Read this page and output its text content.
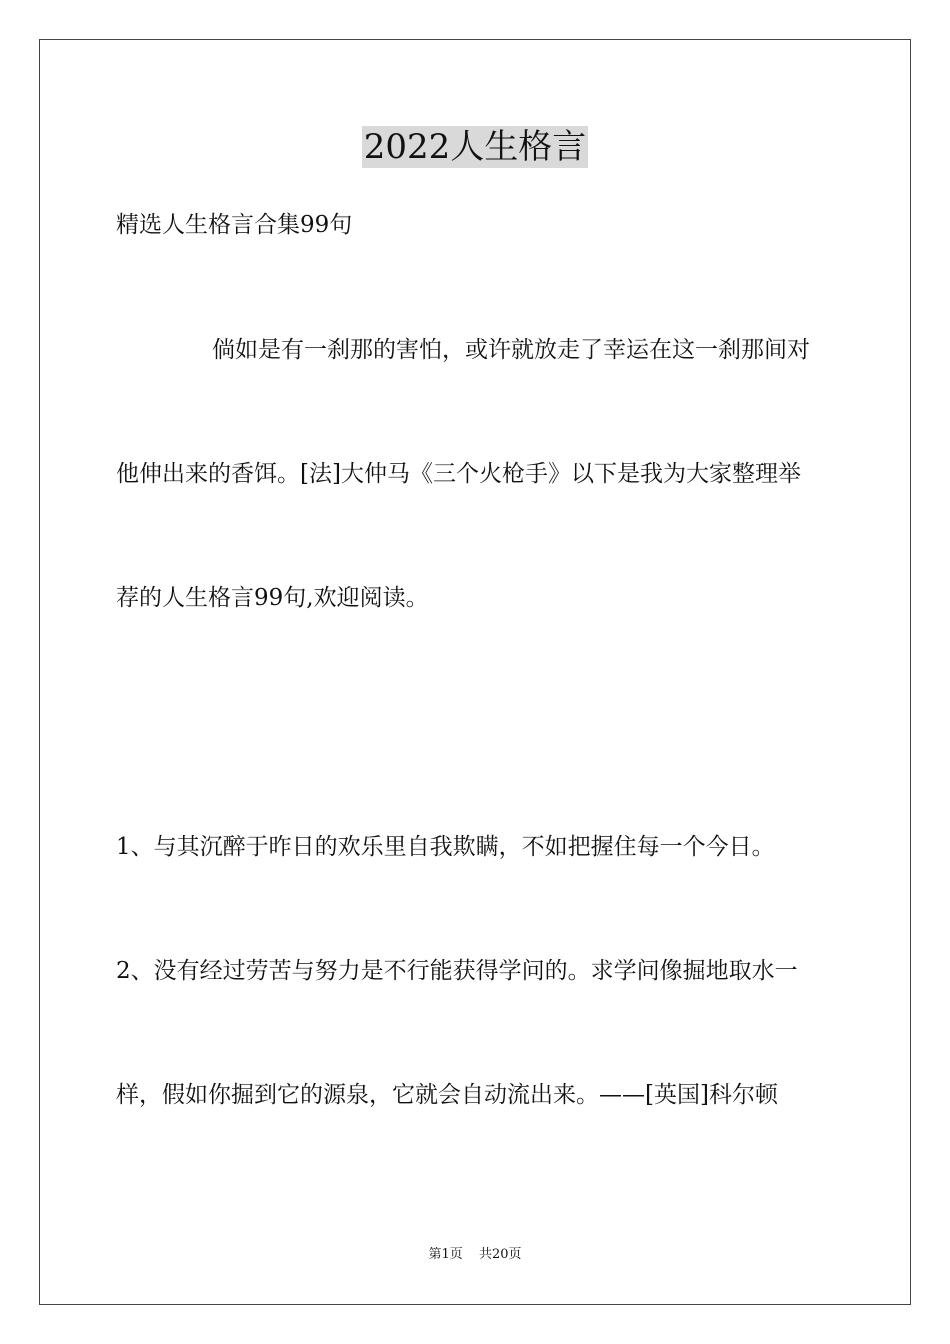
2022人生格言
精选人生格言合集99句
倘如是有一刹那的害怕，或许就放走了幸运在这一刹那间对
他伸出来的香饵。[法]大仲马《三个火枪手》以下是我为大家整理举
荐的人生格言99句,欢迎阅读。
1、与其沉醉于昨日的欢乐里自我欺瞒，不如把握住每一个今日。
2、没有经过劳苦与努力是不行能获得学问的。求学问像掘地取水一
样，假如你掘到它的源泉，它就会自动流出来。——[英国]科尔顿
第1页 共20页
